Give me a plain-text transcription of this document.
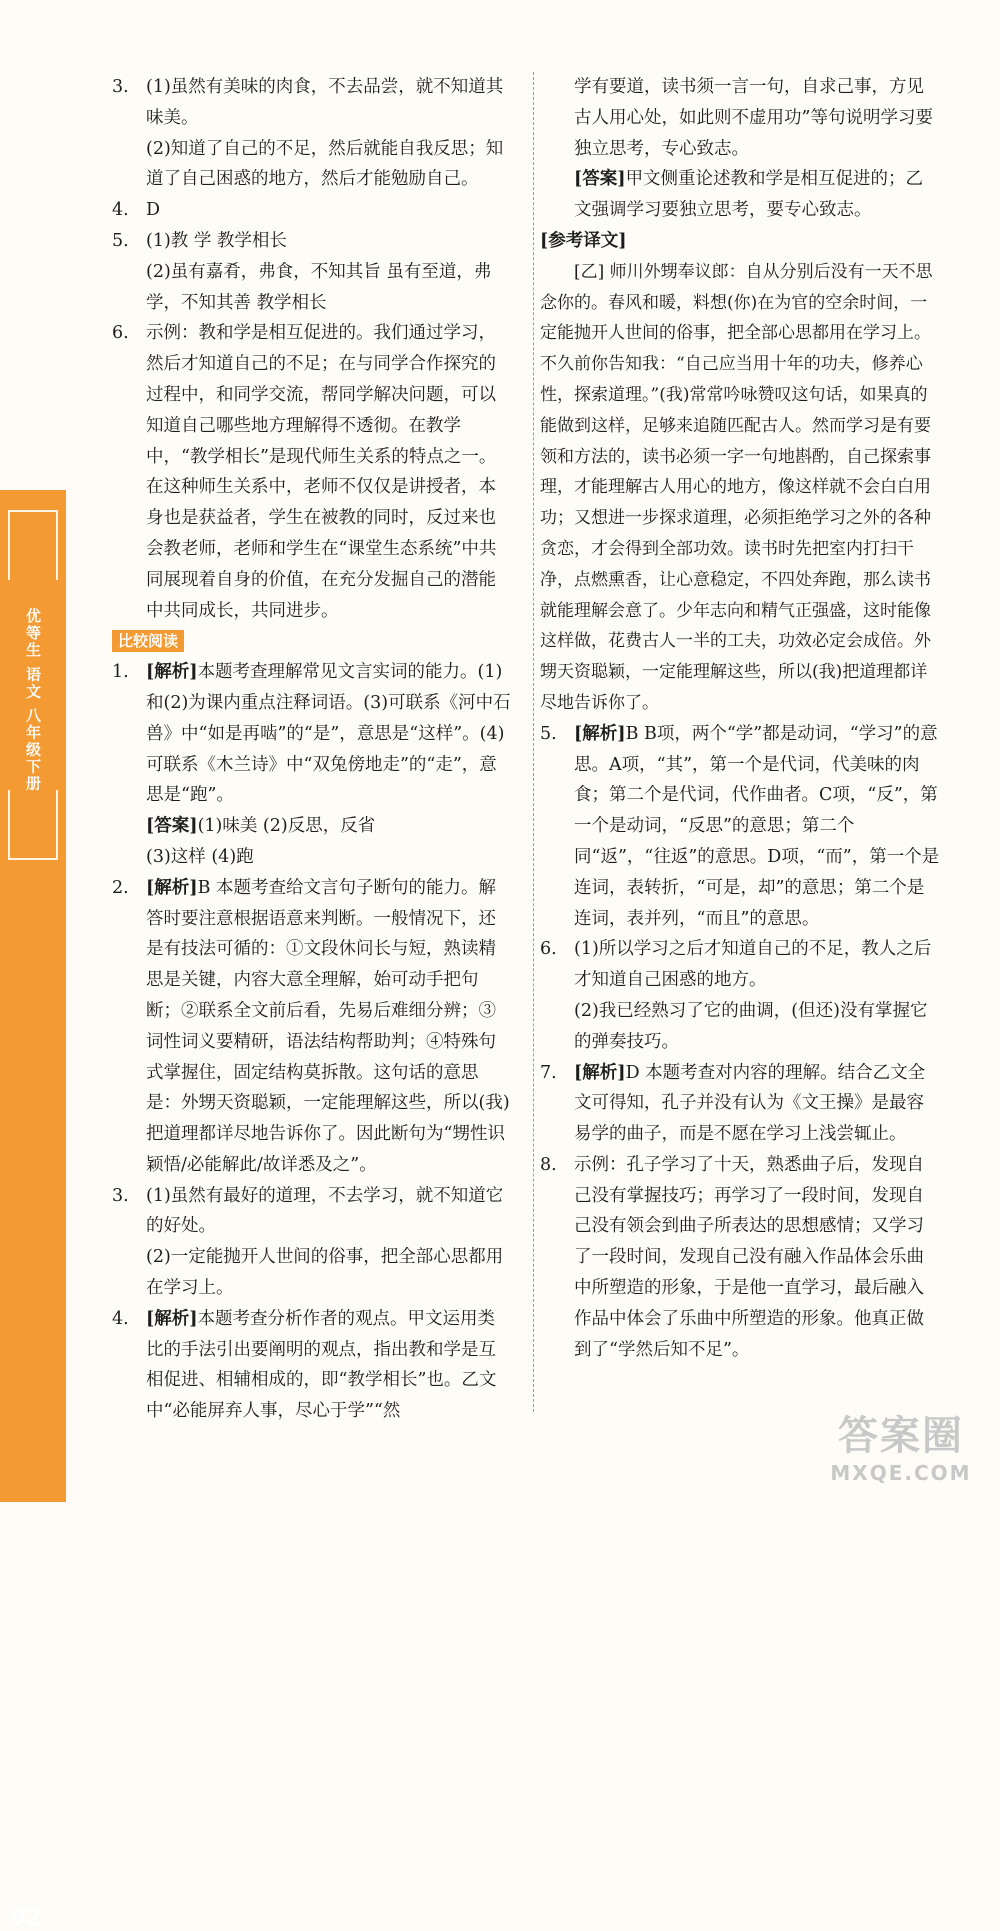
优等生 语文 八年级下册
92
3. (1)虽然有美味的肉食，不去品尝，就不知道其味美。
(2)知道了自己的不足，然后就能自我反思；知道了自己困惑的地方，然后才能勉励自己。
4. D
5. (1)教 学 教学相长
(2)虽有嘉肴，弗食，不知其旨 虽有至道，弗学，不知其善 教学相长
6. 示例：教和学是相互促进的。我们通过学习，然后才知道自己的不足；在与同学合作探究的过程中，和同学交流，帮同学解决问题，可以知道自己哪些地方理解得不透彻。在教学中，“教学相长”是现代师生关系的特点之一。在这种师生关系中，老师不仅仅是讲授者，本身也是获益者，学生在被教的同时，反过来也会教老师，老师和学生在“课堂生态系统”中共同展现着自身的价值，在充分发掘自己的潜能中共同成长，共同进步。
比较阅读
1. [解析]本题考查理解常见文言实词的能力。(1)和(2)为课内重点注释词语。(3)可联系《河中石兽》中“如是再啮”的“是”，意思是“这样”。(4)可联系《木兰诗》中“双兔傍地走”的“走”，意思是“跑”。
[答案](1)味美 (2)反思，反省
(3)这样 (4)跑
2. [解析]B 本题考查给文言句子断句的能力。解答时要注意根据语意来判断。一般情况下，还是有技法可循的：①文段休问长与短，熟读精思是关键，内容大意全理解，始可动手把句断；②联系全文前后看，先易后难细分辨；③词性词义要精研，语法结构帮助判；④特殊句式掌握住，固定结构莫拆散。这句话的意思是：外甥天资聪颖，一定能理解这些，所以(我)把道理都详尽地告诉你了。因此断句为“甥性识颖悟/必能解此/故详悉及之”。
3. (1)虽然有最好的道理，不去学习，就不知道它的好处。
(2)一定能抛开人世间的俗事，把全部心思都用在学习上。
4. [解析]本题考查分析作者的观点。甲文运用类比的手法引出要阐明的观点，指出教和学是互相促进、相辅相成的，即“教学相长”也。乙文中“必能屏弃人事，尽心于学”“然
学有要道，读书须一言一句，自求己事，方见古人用心处，如此则不虚用功”等句说明学习要独立思考，专心致志。
[答案]甲文侧重论述教和学是相互促进的；乙文强调学习要独立思考，要专心致志。
[参考译文]
[乙] 师川外甥奉议郎：自从分别后没有一天不思念你的。春风和暖，料想(你)在为官的空余时间，一定能抛开人世间的俗事，把全部心思都用在学习上。不久前你告知我：“自己应当用十年的功夫，修养心性，探索道理。”(我)常常吟咏赞叹这句话，如果真的能做到这样，足够来追随匹配古人。然而学习是有要领和方法的，读书必须一字一句地斟酌，自己探索事理，才能理解古人用心的地方，像这样就不会白白用功；又想进一步探求道理，必须拒绝学习之外的各种贪恋，才会得到全部功效。读书时先把室内打扫干净，点燃熏香，让心意稳定，不四处奔跑，那么读书就能理解会意了。少年志向和精气正强盛，这时能像这样做，花费古人一半的工夫，功效必定会成倍。外甥天资聪颖，一定能理解这些，所以(我)把道理都详尽地告诉你了。
5. [解析]B B项，两个“学”都是动词，“学习”的意思。A项，“其”，第一个是代词，代美味的肉食；第二个是代词，代作曲者。C项，“反”，第一个是动词，“反思”的意思；第二个同“返”，“往返”的意思。D项，“而”，第一个是连词，表转折，“可是，却”的意思；第二个是连词，表并列，“而且”的意思。
6. (1)所以学习之后才知道自己的不足，教人之后才知道自己困惑的地方。
(2)我已经熟习了它的曲调，(但还)没有掌握它的弹奏技巧。
7. [解析]D 本题考查对内容的理解。结合乙文全文可得知，孔子并没有认为《文王操》是最容易学的曲子，而是不愿在学习上浅尝辄止。
8. 示例：孔子学习了十天，熟悉曲子后，发现自己没有掌握技巧；再学习了一段时间，发现自己没有领会到曲子所表达的思想感情；又学习了一段时间，发现自己没有融入作品体会乐曲中所塑造的形象，于是他一直学习，最后融入作品中体会了乐曲中所塑造的形象。他真正做到了“学然后知不足”。
答案圈
MXQE.COM
